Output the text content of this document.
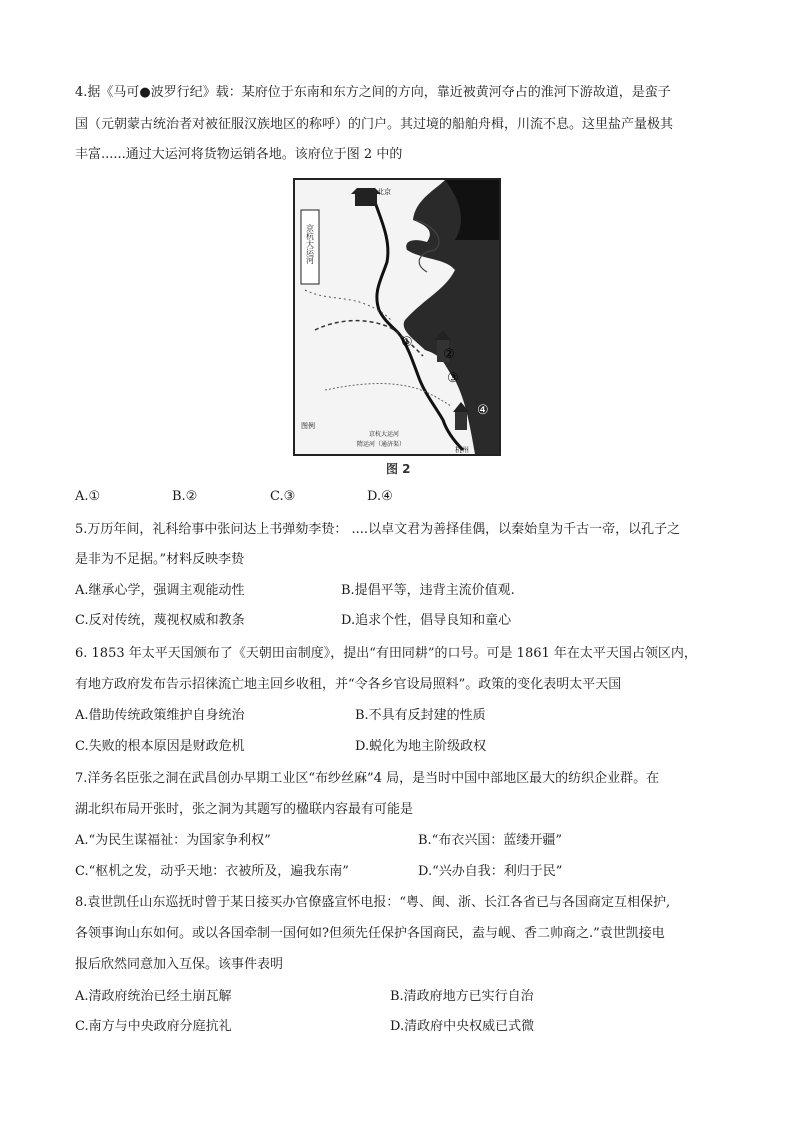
4.据《马可●波罗行纪》载：某府位于东南和东方之间的方向，靠近被黄河夺占的淮河下游故道，是蛮子
国（元朝蒙古统治者对被征服汉族地区的称呼）的门户。其过境的船舶舟楫，川流不息。这里盐产量极其
丰富......通过大运河将货物运销各地。该府位于图 2 中的
京杭大运河
北京
杭州
①
②
③
④
图例
京杭大运河
隋运河（通济渠）
图 2
A.①	B.②	C.③	D.④
5.万历年间，礼科给事中张问达上书弹劾李贽： ....以卓文君为善择佳偶，以秦始皇为千古一帝，以孔子之
是非为不足据。”材料反映李贽
A.继承心学，强调主观能动性	B.提倡平等，违背主流价值观.
C.反对传统，蔑视权威和教条	D.追求个性，倡导良知和童心
6. 1853 年太平天国颁布了《天朝田亩制度》，提出“有田同耕”的口号。可是 1861 年在太平天国占领区内，
有地方政府发布告示招徕流亡地主回乡收租，并“令各乡官设局照料”。政策的变化表明太平天国
A.借助传统政策维护自身统治	B.不具有反封建的性质
C.失败的根本原因是财政危机	D.蜕化为地主阶级政权
7.洋务名臣张之洞在武昌创办早期工业区“布纱丝麻”4 局，是当时中国中部地区最大的纺织企业群。在
湖北织布局开张时，张之洞为其题写的楹联内容最有可能是
A.“为民生谋福祉：为国家争利权”	B.“布衣兴国：蓝缕开疆”
C.“枢机之发，动乎天地：衣被所及，遍我东南”	D.“兴办自我：利归于民”
8.袁世凯任山东巡抚时曾于某日接买办官僚盛宣怀电报：“粤、闽、浙、长江各省已与各国商定互相保护,
各领事询山东如何。或以各国牵制一国何如?但须先任保护各国商民，盍与岘、香二帅商之.”袁世凯接电
报后欣然同意加入互保。该事件表明
A.清政府统治已经土崩瓦解	B.清政府地方已实行自治
C.南方与中央政府分庭抗礼	D.清政府中央权威已式微
